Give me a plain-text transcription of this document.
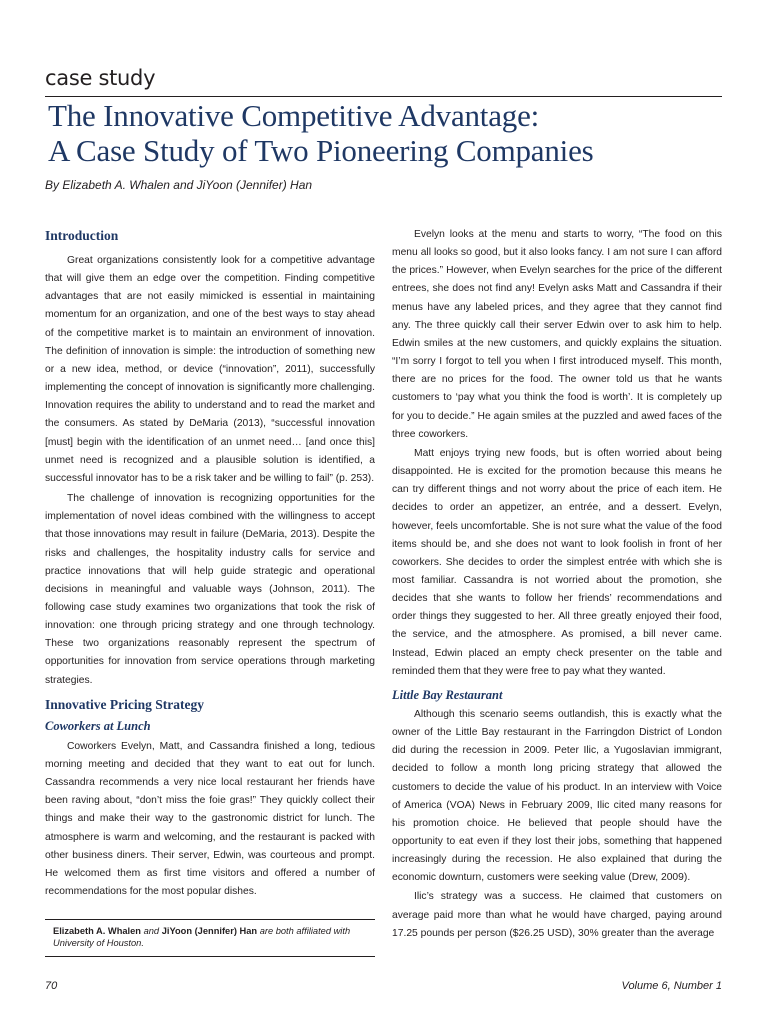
case study
The Innovative Competitive Advantage:
A Case Study of Two Pioneering Companies
By Elizabeth A. Whalen and JiYoon (Jennifer) Han
Introduction

Great organizations consistently look for a competitive advantage that will give them an edge over the competition. Finding competitive advantages that are not easily mimicked is essential in maintaining momentum for an organization, and one of the best ways to stay ahead of the competitive market is to maintain an environment of innovation. The definition of innovation is simple: the introduction of something new or a new idea, method, or device (“innovation”, 2011), successfully implementing the concept of innovation is significantly more challenging. Innovation requires the ability to understand and to read the market and the consumers. As stated by DeMaria (2013), “successful innovation [must] begin with the identification of an unmet need… [and once this] unmet need is recognized and a plausible solution is identified, a successful innovator has to be a risk taker and be willing to fail” (p. 253).

The challenge of innovation is recognizing opportunities for the implementation of novel ideas combined with the willingness to accept that those innovations may result in failure (DeMaria, 2013). Despite the risks and challenges, the hospitality industry calls for service and practice innovations that will help guide strategic and operational decisions in meaningful and valuable ways (Johnson, 2011). The following case study examines two organizations that took the risk of innovation: one through pricing strategy and one through technology. These two organizations reasonably represent the spectrum of opportunities for innovation from service operations through marketing strategies.

Innovative Pricing Strategy
Coworkers at Lunch

Coworkers Evelyn, Matt, and Cassandra finished a long, tedious morning meeting and decided that they want to eat out for lunch. Cassandra recommends a very nice local restaurant her friends have been raving about, “don’t miss the foie gras!” They quickly collect their things and make their way to the gastronomic district for lunch. The atmosphere is warm and welcoming, and the restaurant is packed with other business diners. Their server, Edwin, was courteous and prompt. He welcomed them as first time visitors and offered a number of recommendations for the most popular dishes.

Evelyn looks at the menu and starts to worry, “The food on this menu all looks so good, but it also looks fancy. I am not sure I can afford the prices.” However, when Evelyn searches for the price of the different entrees, she does not find any! Evelyn asks Matt and Cassandra if their menus have any labeled prices, and they agree that they cannot find any. The three quickly call their server Edwin over to ask him to help. Edwin smiles at the new customers, and quickly explains the situation. “I’m sorry I forgot to tell you when I first introduced myself. This month, there are no prices for the food. The owner told us that he wants customers to ‘pay what you think the food is worth’. It is completely up for you to decide.” He again smiles at the puzzled and awed faces of the three coworkers.

Matt enjoys trying new foods, but is often worried about being disappointed. He is excited for the promotion because this means he can try different things and not worry about the price of each item. He decides to order an appetizer, an entrée, and a dessert. Evelyn, however, feels uncomfortable. She is not sure what the value of the food items should be, and she does not want to look foolish in front of her coworkers. She decides to order the simplest entrée with which she is most familiar. Cassandra is not worried about the promotion, she decides that she wants to follow her friends’ recommendations and order things they suggested to her. All three greatly enjoyed their food, the service, and the atmosphere. As promised, a bill never came. Instead, Edwin placed an empty check presenter on the table and reminded them that they were free to pay what they wanted.

Little Bay Restaurant

Although this scenario seems outlandish, this is exactly what the owner of the Little Bay restaurant in the Farringdon District of London did during the recession in 2009. Peter Ilic, a Yugoslavian immigrant, decided to follow a month long pricing strategy that allowed the customers to decide the value of his product. In an interview with Voice of America (VOA) News in February 2009, Ilic cited many reasons for his promotion choice. He believed that people should have the opportunity to eat even if they lost their jobs, something that happened increasingly during the recession. He also explained that during the economic downturn, customers were seeking value (Drew, 2009).

Ilic’s strategy was a success. He claimed that customers on average paid more than what he would have charged, paying around 17.25 pounds per person ($26.25 USD), 30% greater than the average

Elizabeth A. Whalen and JiYoon (Jennifer) Han are both affiliated with
University of Houston.
70	Volume 6, Number 1
